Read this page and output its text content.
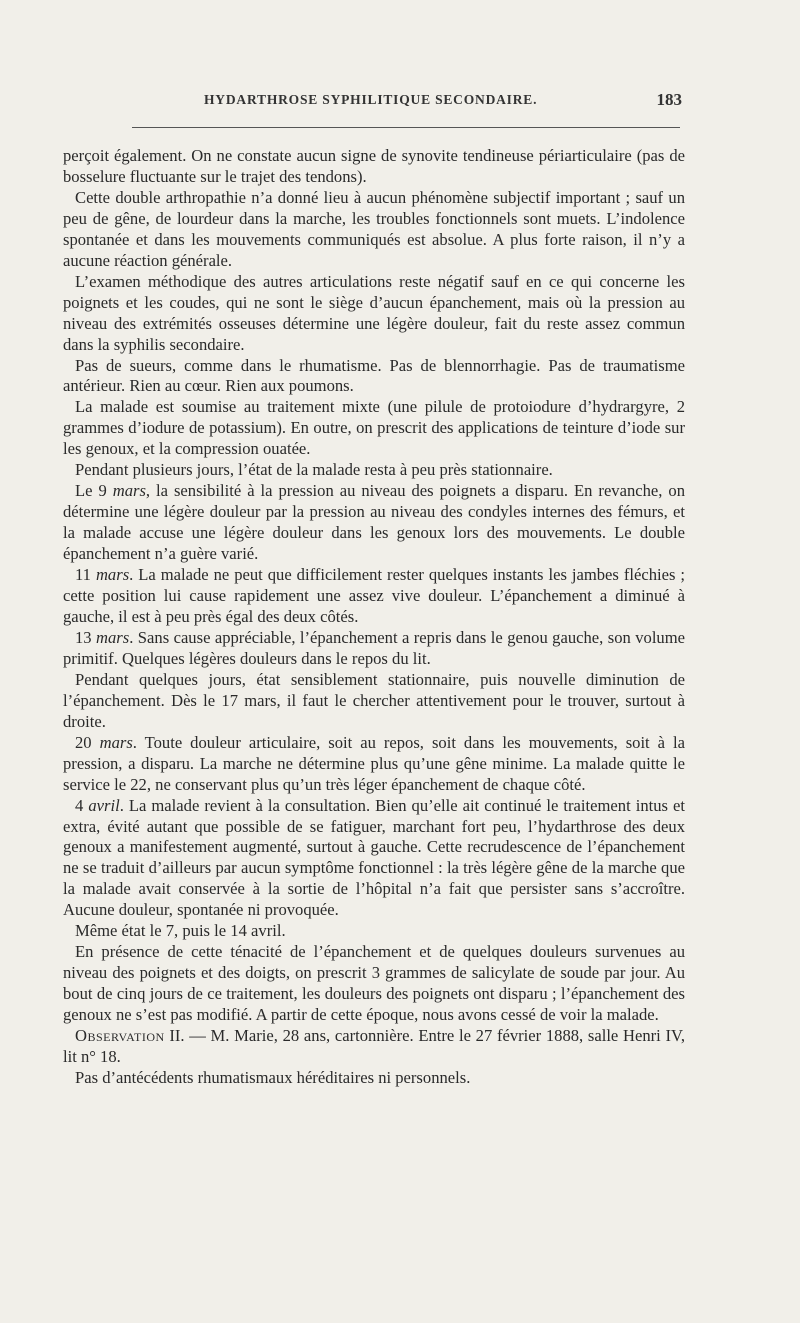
HYDARTHROSE SYPHILITIQUE SECONDAIRE.	183

perçoit également. On ne constate aucun signe de synovite tendineuse périarticulaire (pas de bosselure fluctuante sur le trajet des tendons).

Cette double arthropathie n’a donné lieu à aucun phénomène subjectif important ; sauf un peu de gêne, de lourdeur dans la marche, les troubles fonctionnels sont muets. L’indolence spontanée et dans les mouvements communiqués est absolue. A plus forte raison, il n’y a aucune réaction générale.

L’examen méthodique des autres articulations reste négatif sauf en ce qui concerne les poignets et les coudes, qui ne sont le siège d’aucun épanchement, mais où la pression au niveau des extrémités osseuses détermine une légère douleur, fait du reste assez commun dans la syphilis secondaire.

Pas de sueurs, comme dans le rhumatisme. Pas de blennorrhagie. Pas de traumatisme antérieur. Rien au cœur. Rien aux poumons.

La malade est soumise au traitement mixte (une pilule de protoiodure d’hydrargyre, 2 grammes d’iodure de potassium). En outre, on prescrit des applications de teinture d’iode sur les genoux, et la compression ouatée.

Pendant plusieurs jours, l’état de la malade resta à peu près stationnaire.

Le 9 mars, la sensibilité à la pression au niveau des poignets a disparu. En revanche, on détermine une légère douleur par la pression au niveau des condyles internes des fémurs, et la malade accuse une légère douleur dans les genoux lors des mouvements. Le double épanchement n’a guère varié.

11 mars. La malade ne peut que difficilement rester quelques instants les jambes fléchies ; cette position lui cause rapidement une assez vive douleur. L’épanchement a diminué à gauche, il est à peu près égal des deux côtés.

13 mars. Sans cause appréciable, l’épanchement a repris dans le genou gauche, son volume primitif. Quelques légères douleurs dans le repos du lit.

Pendant quelques jours, état sensiblement stationnaire, puis nouvelle diminution de l’épanchement. Dès le 17 mars, il faut le chercher attentivement pour le trouver, surtout à droite.

20 mars. Toute douleur articulaire, soit au repos, soit dans les mouvements, soit à la pression, a disparu. La marche ne détermine plus qu’une gêne minime. La malade quitte le service le 22, ne conservant plus qu’un très léger épanchement de chaque côté.

4 avril. La malade revient à la consultation. Bien qu’elle ait continué le traitement intus et extra, évité autant que possible de se fatiguer, marchant fort peu, l’hydarthrose des deux genoux a manifestement augmenté, surtout à gauche. Cette recrudescence de l’épanchement ne se traduit d’ailleurs par aucun symptôme fonctionnel : la très légère gêne de la marche que la malade avait conservée à la sortie de l’hôpital n’a fait que persister sans s’accroître. Aucune douleur, spontanée ni provoquée.

Même état le 7, puis le 14 avril.

En présence de cette ténacité de l’épanchement et de quelques douleurs survenues au niveau des poignets et des doigts, on prescrit 3 grammes de salicylate de soude par jour. Au bout de cinq jours de ce traitement, les douleurs des poignets ont disparu ; l’épanchement des genoux ne s’est pas modifié. A partir de cette époque, nous avons cessé de voir la malade.

Observation II. — M. Marie, 28 ans, cartonnière. Entre le 27 février 1888, salle Henri IV, lit n° 18.

Pas d’antécédents rhumatismaux héréditaires ni personnels.
